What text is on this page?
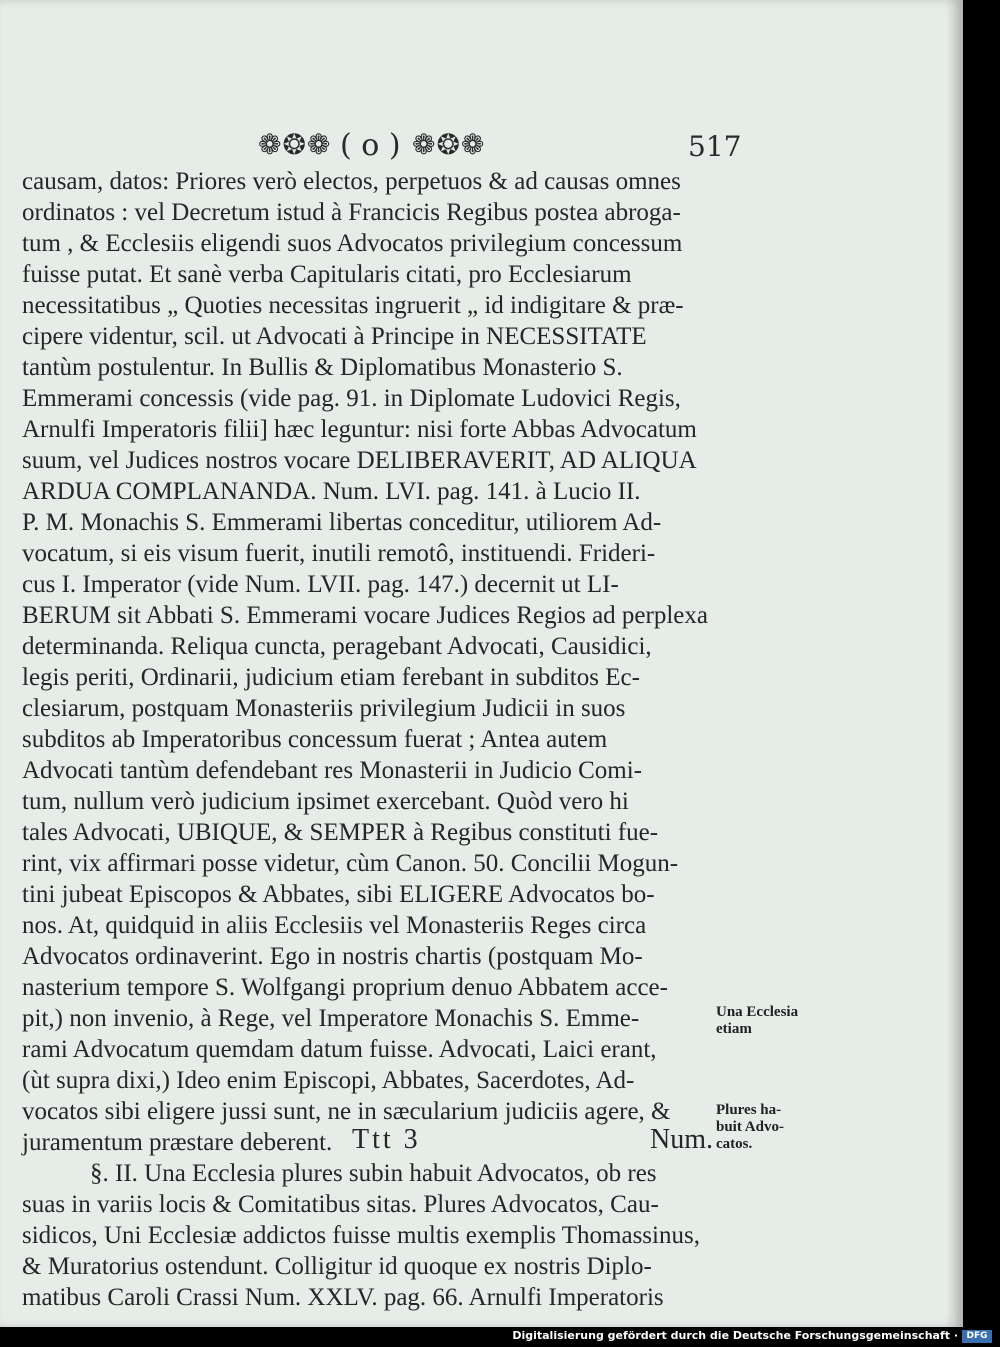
❁❂❁ ( o ) ❁❂❁	517
causam, datos: Priores verò electos, perpetuos & ad causas omnes
ordinatos : vel Decretum istud à Francicis Regibus postea abroga-
tum , & Ecclesiis eligendi suos Advocatos privilegium concessum
fuisse putat. Et sanè verba Capitularis citati, pro Ecclesiarum
necessitatibus „ Quoties necessitas ingruerit „ id indigitare & præ-
cipere videntur, scil. ut Advocati à Principe in NECESSITATE
tantùm postulentur. In Bullis & Diplomatibus Monasterio S.
Emmerami concessis (vide pag. 91. in Diplomate Ludovici Regis,
Arnulfi Imperatoris filii] hæc leguntur: nisi forte Abbas Advocatum
suum, vel Judices nostros vocare DELIBERAVERIT, AD ALIQUA
ARDUA COMPLANANDA. Num. LVI. pag. 141. à Lucio II.
P. M. Monachis S. Emmerami libertas conceditur, utiliorem Ad-
vocatum, si eis visum fuerit, inutili remotô, instituendi. Frideri-
cus I. Imperator (vide Num. LVII. pag. 147.) decernit ut LI-
BERUM sit Abbati S. Emmerami vocare Judices Regios ad perplexa
determinanda. Reliqua cuncta, peragebant Advocati, Causidici,
legis periti, Ordinarii, judicium etiam ferebant in subditos Ec-
clesiarum, postquam Monasteriis privilegium Judicii in suos
subditos ab Imperatoribus concessum fuerat ; Antea autem
Advocati tantùm defendebant res Monasterii in Judicio Comi-
tum, nullum verò judicium ipsimet exercebant. Quòd vero hi
tales Advocati, UBIQUE, & SEMPER à Regibus constituti fue-
rint, vix affirmari posse videtur, cùm Canon. 50. Concilii Mogun-
tini jubeat Episcopos & Abbates, sibi ELIGERE Advocatos bo-
nos. At, quidquid in aliis Ecclesiis vel Monasteriis Reges circa
Advocatos ordinaverint. Ego in nostris chartis (postquam Mo-
nasterium tempore S. Wolfgangi proprium denuo Abbatem acce-
pit,) non invenio, à Rege, vel Imperatore Monachis S. Emme-
rami Advocatum quemdam datum fuisse. Advocati, Laici erant,
(ùt supra dixi,) Ideo enim Episcopi, Abbates, Sacerdotes, Ad-
vocatos sibi eligere jussi sunt, ne in sæcularium judiciis agere, &
juramentum præstare deberent.
§. II. Una Ecclesia plures subin habuit Advocatos, ob res
suas in variis locis & Comitatibus sitas. Plures Advocatos, Cau-
sidicos, Uni Ecclesiæ addictos fuisse multis exemplis Thomassinus,
& Muratorius ostendunt. Colligitur id quoque ex nostris Diplo-
matibus Caroli Crassi Num. XXLV. pag. 66. Arnulfi Imperatoris
Una Ecclesia
etiam
Plures ha-
buit Advo-
catos.
Ttt 3	Num.
Digitalisierung gefördert durch die Deutsche Forschungsgemeinschaft · DFG
